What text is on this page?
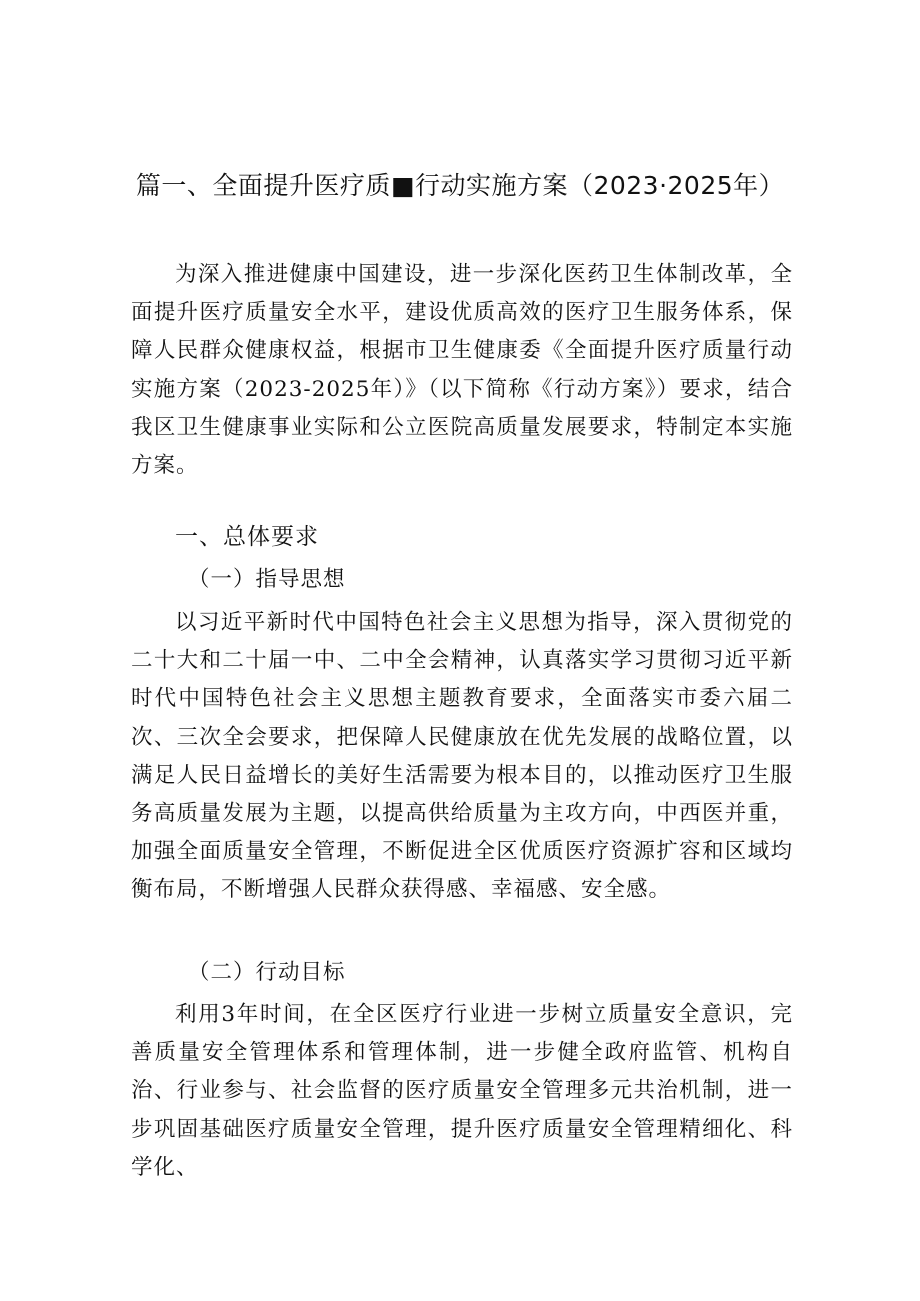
篇一、全面提升医疗质■行动实施方案（2023·2025年）
为深入推进健康中国建设，进一步深化医药卫生体制改革，全面提升医疗质量安全水平，建设优质高效的医疗卫生服务体系，保障人民群众健康权益，根据市卫生健康委《全面提升医疗质量行动实施方案（2023-2025年）》（以下简称《行动方案》）要求，结合我区卫生健康事业实际和公立医院高质量发展要求，特制定本实施方案。
一、总体要求
（一）指导思想
以习近平新时代中国特色社会主义思想为指导，深入贯彻党的二十大和二十届一中、二中全会精神，认真落实学习贯彻习近平新时代中国特色社会主义思想主题教育要求，全面落实市委六届二次、三次全会要求，把保障人民健康放在优先发展的战略位置，以满足人民日益增长的美好生活需要为根本目的，以推动医疗卫生服务高质量发展为主题，以提高供给质量为主攻方向，中西医并重，加强全面质量安全管理，不断促进全区优质医疗资源扩容和区域均衡布局，不断增强人民群众获得感、幸福感、安全感。
（二）行动目标
利用3年时间，在全区医疗行业进一步树立质量安全意识，完善质量安全管理体系和管理体制，进一步健全政府监管、机构自治、行业参与、社会监督的医疗质量安全管理多元共治机制，进一步巩固基础医疗质量安全管理，提升医疗质量安全管理精细化、科学化、
